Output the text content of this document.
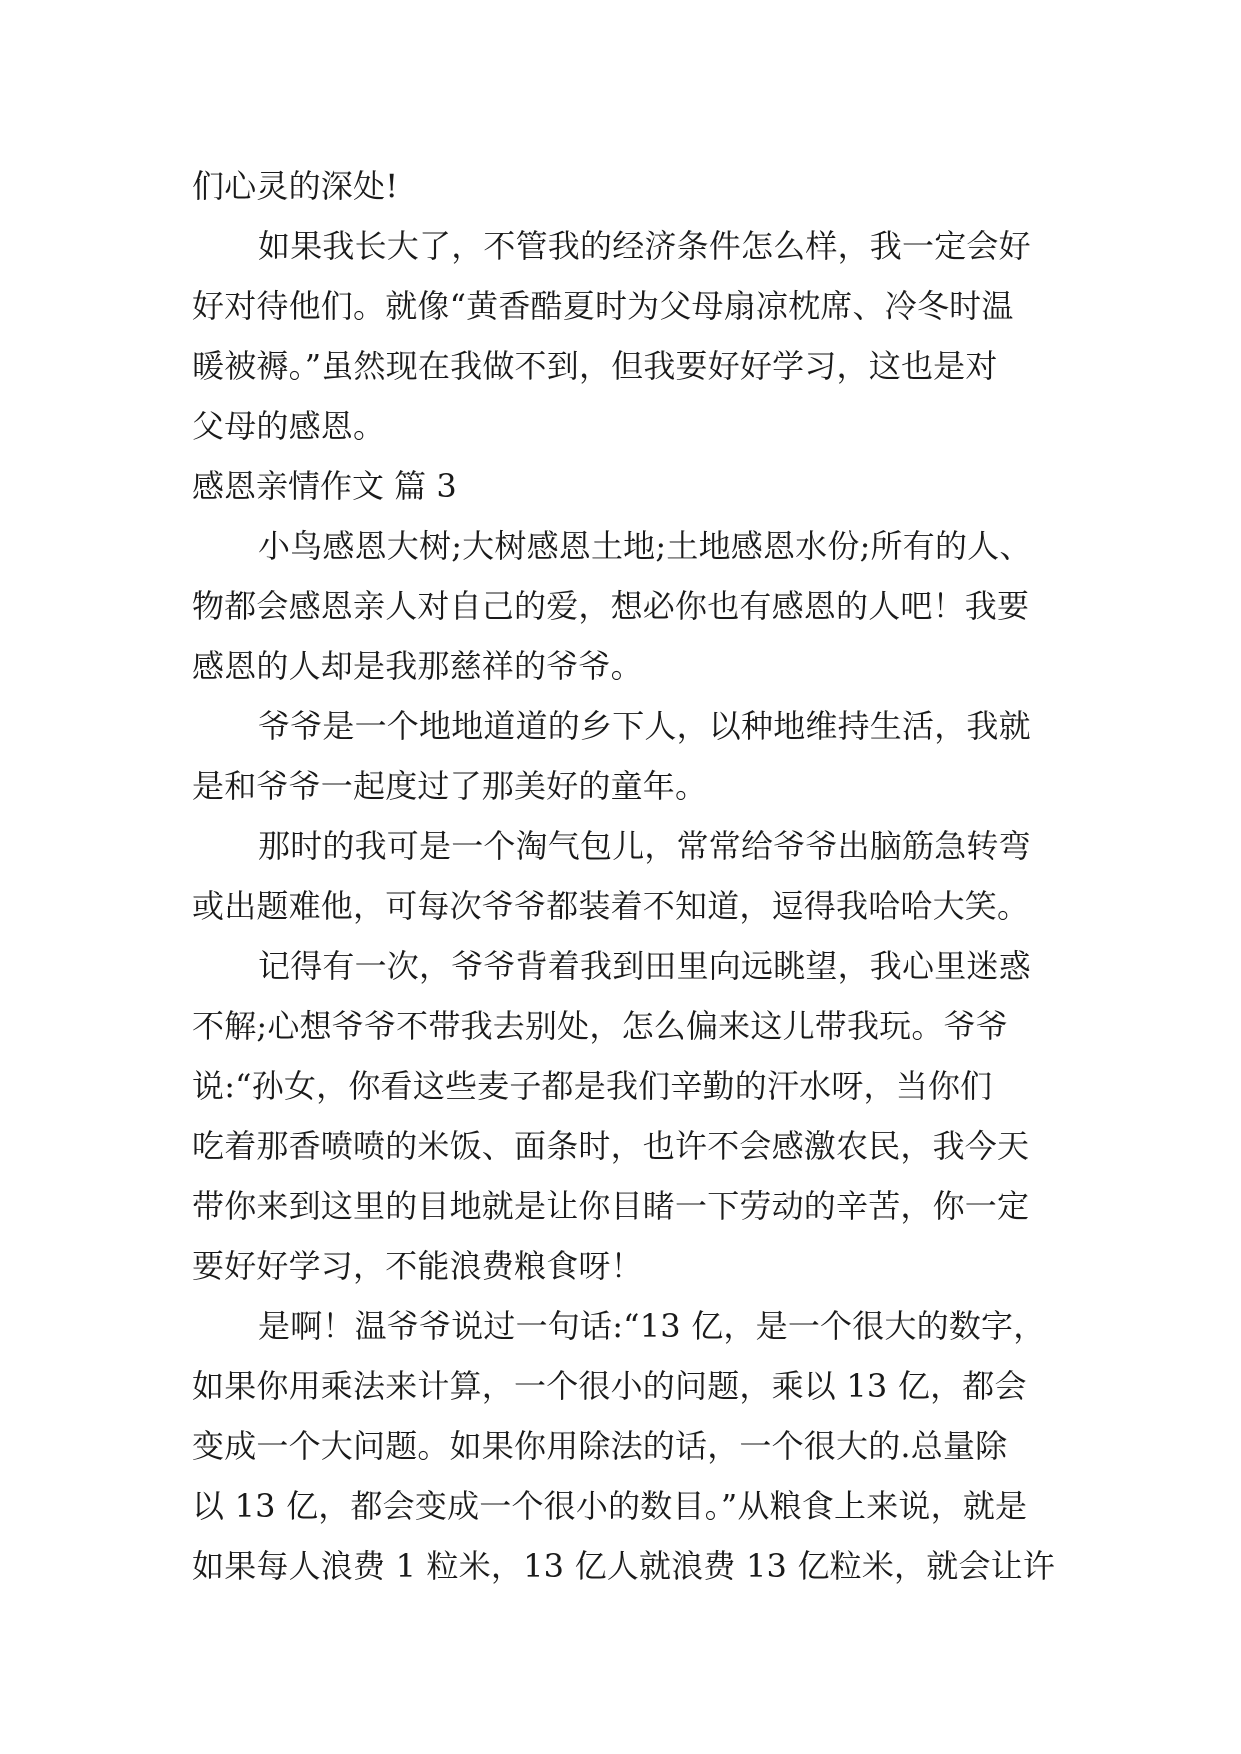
们心灵的深处!
如果我长大了，不管我的经济条件怎么样，我一定会好
好对待他们。就像“黄香酷夏时为父母扇凉枕席、冷冬时温
暖被褥。”虽然现在我做不到，但我要好好学习，这也是对
父母的感恩。
感恩亲情作文 篇 3
小鸟感恩大树;大树感恩土地;土地感恩水份;所有的人、
物都会感恩亲人对自己的爱，想必你也有感恩的人吧！我要
感恩的人却是我那慈祥的爷爷。
爷爷是一个地地道道的乡下人，以种地维持生活，我就
是和爷爷一起度过了那美好的童年。
那时的我可是一个淘气包儿，常常给爷爷出脑筋急转弯
或出题难他，可每次爷爷都装着不知道，逗得我哈哈大笑。
记得有一次，爷爷背着我到田里向远眺望，我心里迷惑
不解;心想爷爷不带我去别处，怎么偏来这儿带我玩。爷爷
说:“孙女，你看这些麦子都是我们辛勤的汗水呀，当你们
吃着那香喷喷的米饭、面条时，也许不会感激农民，我今天
带你来到这里的目地就是让你目睹一下劳动的辛苦，你一定
要好好学习，不能浪费粮食呀！
是啊！温爷爷说过一句话:“13 亿，是一个很大的数字，
如果你用乘法来计算，一个很小的问题，乘以 13 亿，都会
变成一个大问题。如果你用除法的话，一个很大的.总量除
以 13 亿，都会变成一个很小的数目。”从粮食上来说，就是
如果每人浪费 1 粒米，13 亿人就浪费 13 亿粒米，就会让许
